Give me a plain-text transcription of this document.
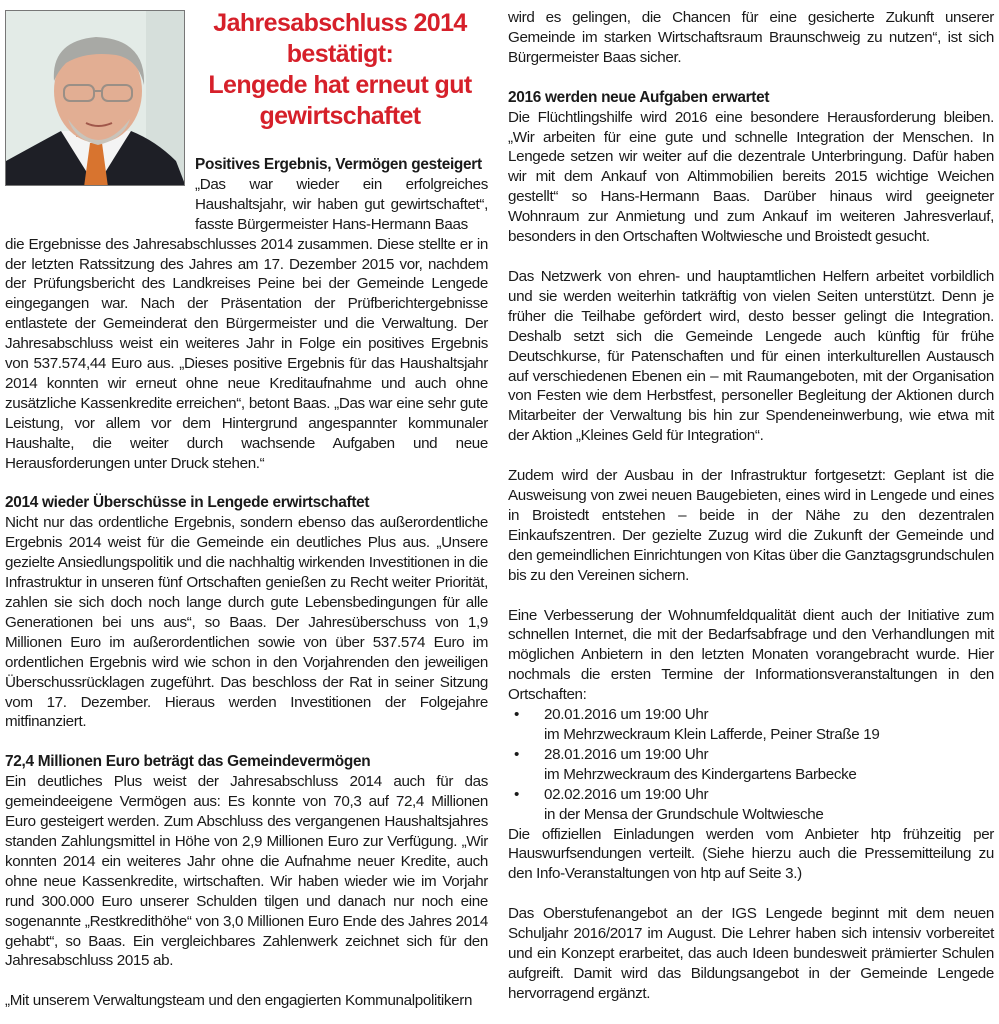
Jahresabschluss 2014
bestätigt:
Lengede hat erneut gut
gewirtschaftet
Positives Ergebnis, Vermögen gesteigert

„Das war wieder ein erfolgreiches Haushaltsjahr, wir haben gut gewirtschaftet“, fasste Bürgermeister Hans-Hermann Baas

die Ergebnisse des Jahresabschlusses 2014 zusammen. Diese stellte er in der letzten Ratssitzung des Jahres am 17. Dezember 2015 vor, nachdem der Prüfungsbericht des Landkreises Peine bei der Gemeinde Lengede eingegangen war. Nach der Präsentation der Prüfberichtergebnisse entlastete der Gemeinderat den Bürgermeister und die Verwaltung. Der Jahresabschluss weist ein weiteres Jahr in Folge ein positives Ergebnis von 537.574,44 Euro aus. „Dieses positive Ergebnis für das Haushaltsjahr 2014 konnten wir erneut ohne neue Kreditaufnahme und auch ohne zusätzliche Kassenkredite erreichen“, betont Baas. „Das war eine sehr gute Leistung, vor allem vor dem Hintergrund angespannter kommunaler Haushalte, die weiter durch wachsende Aufgaben und neue Herausforderungen unter Druck stehen.“

2014 wieder Überschüsse in Lengede erwirtschaftet

Nicht nur das ordentliche Ergebnis, sondern ebenso das außerordentliche Ergebnis 2014 weist für die Gemeinde ein deutliches Plus aus. „Unsere gezielte Ansiedlungspolitik und die nachhaltig wirkenden Investitionen in die Infrastruktur in unseren fünf Ortschaften genießen zu Recht weiter Priorität, zahlen sie sich doch noch lange durch gute Lebensbedingungen für alle Generationen bei uns aus“, so Baas. Der Jahresüberschuss von 1,9 Millionen Euro im außerordentlichen sowie von über 537.574 Euro im ordentlichen Ergebnis wird wie schon in den Vorjahrenden den jeweiligen Überschussrücklagen zugeführt. Das beschloss der Rat in seiner Sitzung vom 17. Dezember. Hieraus werden Investitionen der Folgejahre mitfinanziert.

72,4 Millionen Euro beträgt das Gemeindevermögen

Ein deutliches Plus weist der Jahresabschluss 2014 auch für das gemeindeeigene Vermögen aus: Es konnte von 70,3 auf 72,4 Millionen Euro gesteigert werden. Zum Abschluss des vergangenen Haushaltsjahres standen Zahlungsmittel in Höhe von 2,9 Millionen Euro zur Verfügung. „Wir konnten 2014 ein weiteres Jahr ohne die Aufnahme neuer Kredite, auch ohne neue Kassenkredite, wirtschaften. Wir haben wieder wie im Vorjahr rund 300.000 Euro unserer Schulden tilgen und danach nur noch eine sogenannte „Restkredithöhe“ von 3,0 Millionen Euro Ende des Jahres 2014 gehabt“, so Baas. Ein vergleichbares Zahlenwerk zeichnet sich für den Jahresabschluss 2015 ab.

„Mit unserem Verwaltungsteam und den engagierten Kommunalpolitikern

wird es gelingen, die Chancen für eine gesicherte Zukunft unserer Gemeinde im starken Wirtschaftsraum Braunschweig zu nutzen“, ist sich Bürgermeister Baas sicher.

2016 werden neue Aufgaben erwartet

Die Flüchtlingshilfe wird 2016 eine besondere Herausforderung bleiben. „Wir arbeiten für eine gute und schnelle Integration der Menschen. In Lengede setzen wir weiter auf die dezentrale Unterbringung. Dafür haben wir mit dem Ankauf von Altimmobilien bereits 2015 wichtige Weichen gestellt“ so Hans-Hermann Baas. Darüber hinaus wird geeigneter Wohnraum zur Anmietung und zum Ankauf im weiteren Jahresverlauf, besonders in den Ortschaften Woltwiesche und Broistedt gesucht.

Das Netzwerk von ehren- und hauptamtlichen Helfern arbeitet vorbildlich und sie werden weiterhin tatkräftig von vielen Seiten unterstützt. Denn je früher die Teilhabe gefördert wird, desto besser gelingt die Integration. Deshalb setzt sich die Gemeinde Lengede auch künftig für frühe Deutschkurse, für Patenschaften und für einen interkulturellen Austausch auf verschiedenen Ebenen ein – mit Raumangeboten, mit der Organisation von Festen wie dem Herbstfest, personeller Begleitung der Aktionen durch Mitarbeiter der Verwaltung bis hin zur Spendeneinwerbung, wie etwa mit der Aktion „Kleines Geld für Integration“.

Zudem wird der Ausbau in der Infrastruktur fortgesetzt: Geplant ist die Ausweisung von zwei neuen Baugebieten, eines wird in Lengede und eines in Broistedt entstehen – beide in der Nähe zu den dezentralen Einkaufszentren. Der gezielte Zuzug wird die Zukunft der Gemeinde und den gemeindlichen Einrichtungen von Kitas über die Ganztagsgrundschulen bis zu den Vereinen sichern.

Eine Verbesserung der Wohnumfeldqualität dient auch der Initiative zum schnellen Internet, die mit der Bedarfsabfrage und den Verhandlungen mit möglichen Anbietern in den letzten Monaten vorangebracht wurde. Hier nochmals die ersten Termine der Informationsveranstaltungen in den Ortschaften:

• 20.01.2016 um 19:00 Uhr
im Mehrzweckraum Klein Lafferde, Peiner Straße 19
• 28.01.2016 um 19:00 Uhr
im Mehrzweckraum des Kindergartens Barbecke
• 02.02.2016 um 19:00 Uhr
in der Mensa der Grundschule Woltwiesche

Die offiziellen Einladungen werden vom Anbieter htp frühzeitig per Hauswurfsendungen verteilt. (Siehe hierzu auch die Pressemitteilung zu den Info-Veranstaltungen von htp auf Seite 3.)

Das Oberstufenangebot an der IGS Lengede beginnt mit dem neuen Schuljahr 2016/2017 im August. Die Lehrer haben sich intensiv vorbereitet und ein Konzept erarbeitet, das auch Ideen bundesweit prämierter Schulen aufgreift. Damit wird das Bildungsangebot in der Gemeinde Lengede hervorragend ergänzt.
